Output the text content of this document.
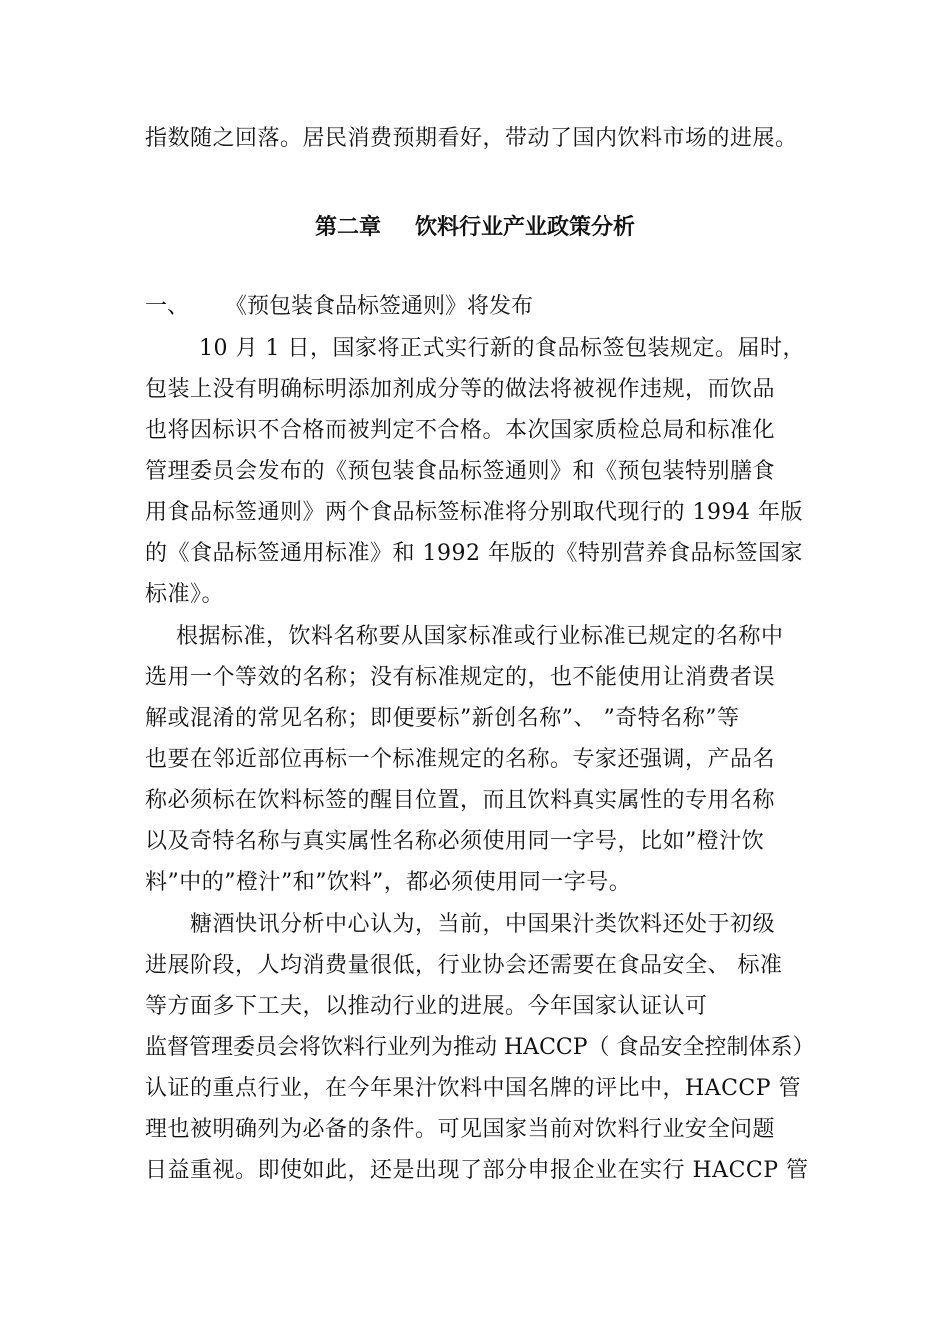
指数随之回落。居民消费预期看好，带动了国内饮料市场的进展。
第二章 饮料行业产业政策分析
一、 《预包装食品标签通则》将发布
10 月 1 日，国家将正式实行新的食品标签包装规定。届时，
包装上没有明确标明添加剂成分等的做法将被视作违规，而饮品
也将因标识不合格而被判定不合格。本次国家质检总局和标准化
管理委员会发布的《预包装食品标签通则》和《预包装特别膳食
用食品标签通则》两个食品标签标准将分别取代现行的 1994 年版
的《食品标签通用标准》和 1992 年版的《特别营养食品标签国家
标准》。
根据标准，饮料名称要从国家标准或行业标准已规定的名称中
选用一个等效的名称；没有标准规定的，也不能使用让消费者误
解或混淆的常见名称；即便要标”新创名称”、 ”奇特名称”等
也要在邻近部位再标一个标准规定的名称。专家还强调，产品名
称必须标在饮料标签的醒目位置，而且饮料真实属性的专用名称
以及奇特名称与真实属性名称必须使用同一字号，比如”橙汁饮
料”中的”橙汁”和”饮料”，都必须使用同一字号。
糖酒快讯分析中心认为，当前，中国果汁类饮料还处于初级
进展阶段，人均消费量很低，行业协会还需要在食品安全、 标准
等方面多下工夫，以推动行业的进展。今年国家认证认可
监督管理委员会将饮料行业列为推动 HACCP（ 食品安全控制体系）
认证的重点行业，在今年果汁饮料中国名牌的评比中，HACCP 管
理也被明确列为必备的条件。可见国家当前对饮料行业安全问题
日益重视。即使如此，还是出现了部分申报企业在实行 HACCP 管
